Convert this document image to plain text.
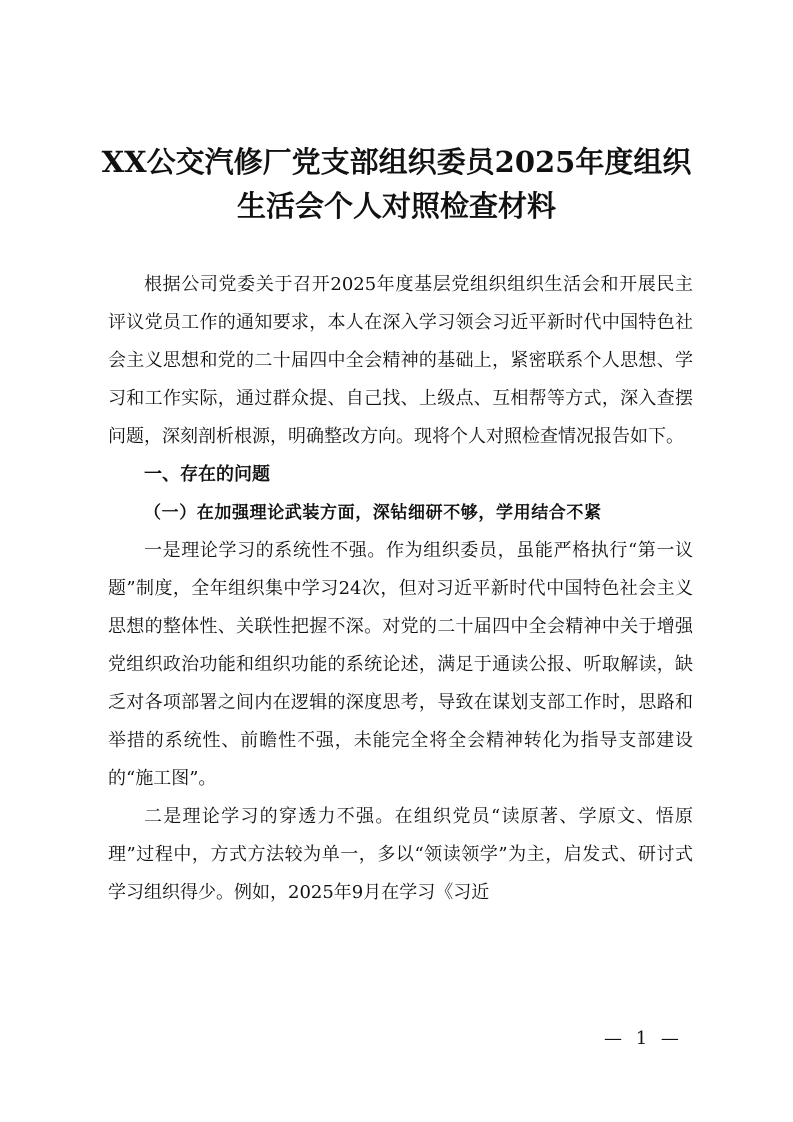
XX公交汽修厂党支部组织委员2025年度组织
生活会个人对照检查材料

根据公司党委关于召开2025年度基层党组织组织生活会和开展民主评议党员工作的通知要求，本人在深入学习领会习近平新时代中国特色社会主义思想和党的二十届四中全会精神的基础上，紧密联系个人思想、学习和工作实际，通过群众提、自己找、上级点、互相帮等方式，深入查摆问题，深刻剖析根源，明确整改方向。现将个人对照检查情况报告如下。

一、存在的问题

（一）在加强理论武装方面，深钻细研不够，学用结合不紧

一是理论学习的系统性不强。作为组织委员，虽能严格执行“第一议题”制度，全年组织集中学习24次，但对习近平新时代中国特色社会主义思想的整体性、关联性把握不深。对党的二十届四中全会精神中关于增强党组织政治功能和组织功能的系统论述，满足于通读公报、听取解读，缺乏对各项部署之间内在逻辑的深度思考，导致在谋划支部工作时，思路和举措的系统性、前瞻性不强，未能完全将全会精神转化为指导支部建设的“施工图”。

二是理论学习的穿透力不强。在组织党员“读原著、学原文、悟原理”过程中，方式方法较为单一，多以“领读领学”为主，启发式、研讨式学习组织得少。例如，2025年9月在学习《习近

— 1 —
